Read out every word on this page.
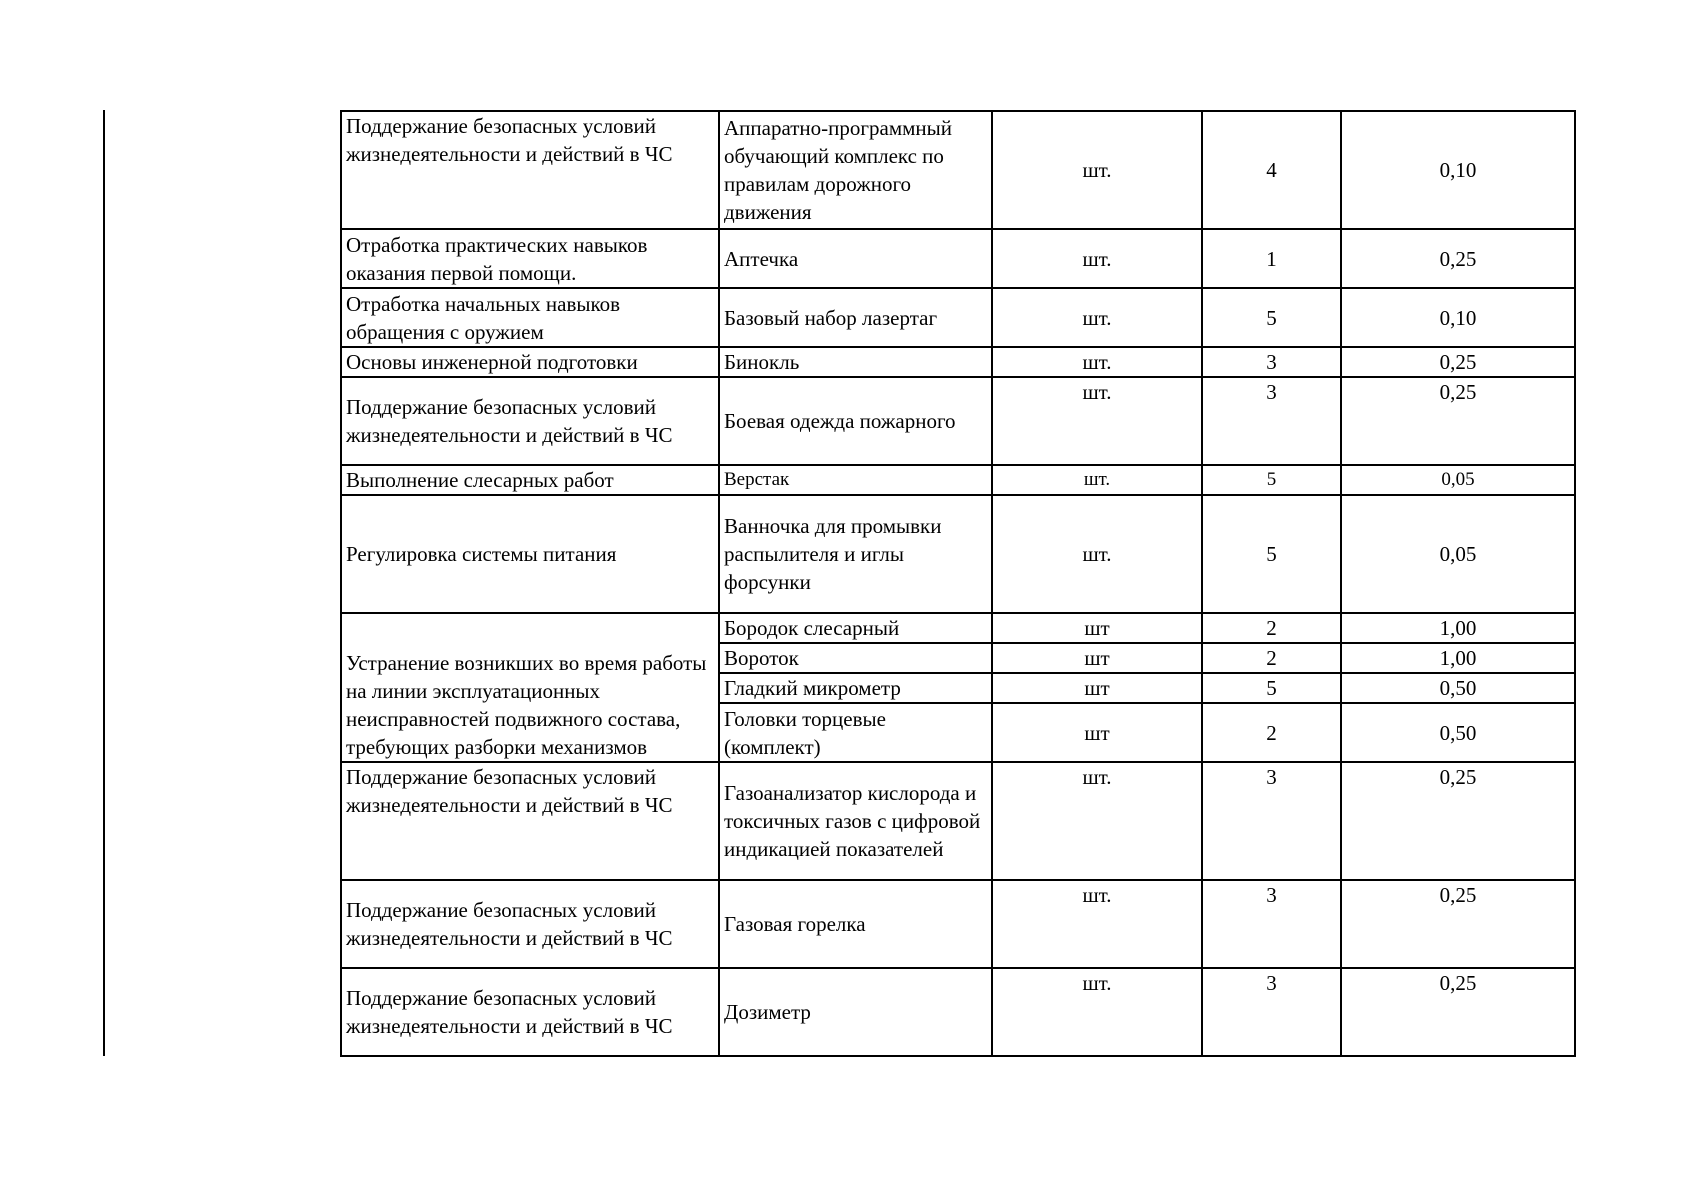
Поддержание безопасных условий жизнедеятельности и действий в ЧС	Аппаратно-программный обучающий комплекс по правилам дорожного движения	шт.	4	0,10
Отработка практических навыков оказания первой помощи.	Аптечка	шт.	1	0,25
Отработка начальных навыков обращения с оружием	Базовый набор лазертаг	шт.	5	0,10
Основы инженерной подготовки	Бинокль	шт.	3	0,25
Поддержание безопасных условий жизнедеятельности и действий в ЧС	Боевая одежда пожарного	шт.	3	0,25
Выполнение слесарных работ	Верстак	шт.	5	0,05
Регулировка системы питания	Ванночка для промывки распылителя и иглы форсунки	шт.	5	0,05
Устранение возникших во время работы на линии эксплуатационных неисправностей подвижного состава, требующих разборки механизмов	Бородок слесарный	шт	2	1,00
	Вороток	шт	2	1,00
	Гладкий микрометр	шт	5	0,50
	Головки торцевые (комплект)	шт	2	0,50
Поддержание безопасных условий жизнедеятельности и действий в ЧС	Газоанализатор кислорода и токсичных газов с цифровой индикацией показателей	шт.	3	0,25
Поддержание безопасных условий жизнедеятельности и действий в ЧС	Газовая горелка	шт.	3	0,25
Поддержание безопасных условий жизнедеятельности и действий в ЧС	Дозиметр	шт.	3	0,25
